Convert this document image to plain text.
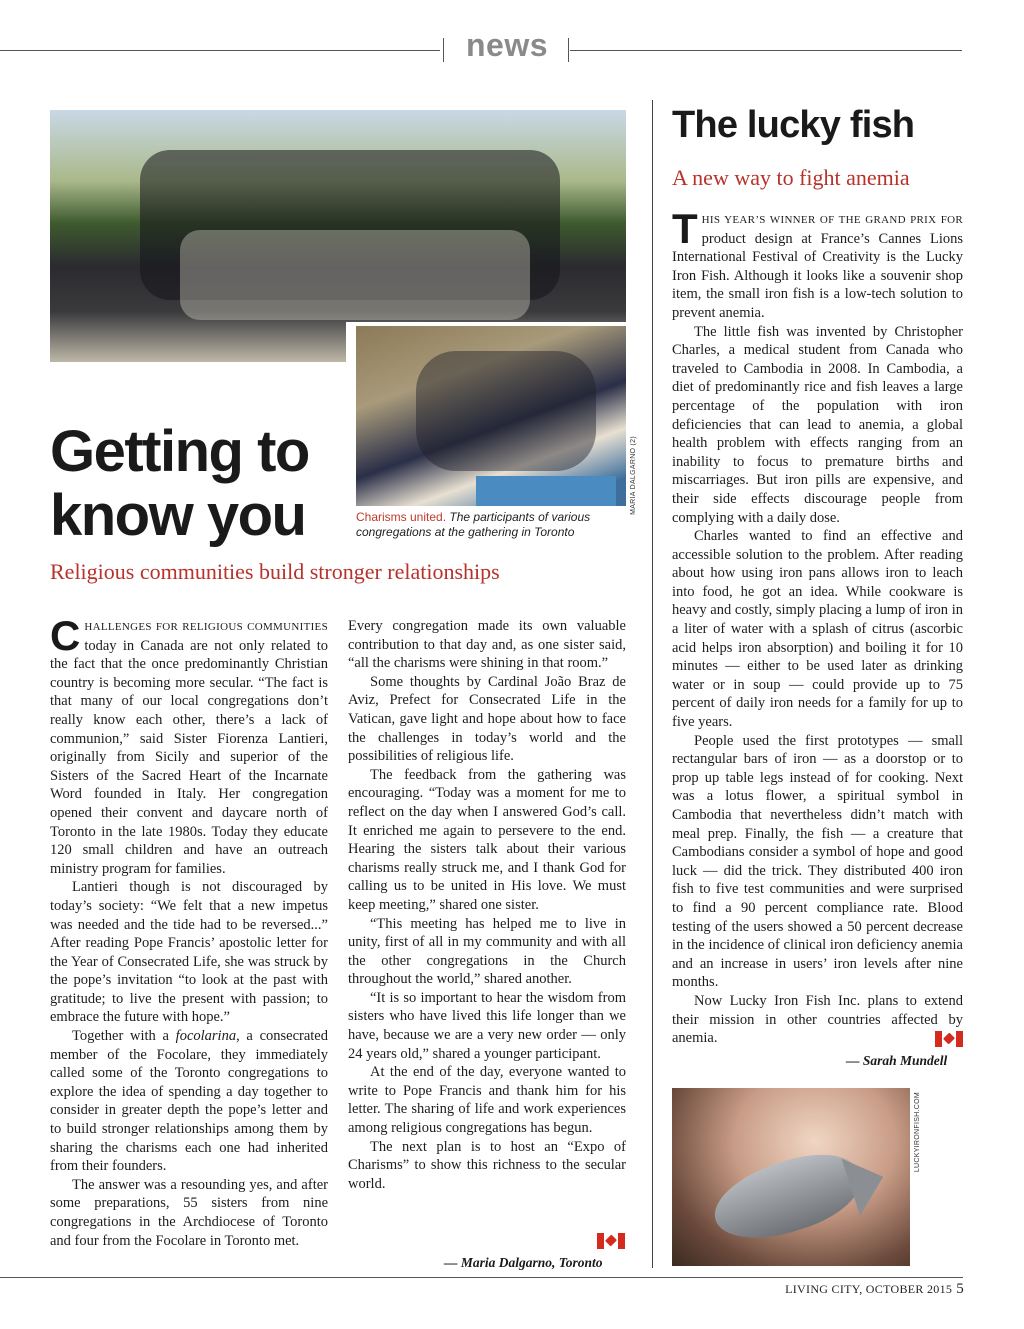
news
MARIA DALGARNO (2)
Charisms united. The participants of various congregations at the gathering in Toronto
Getting to know you
Religious communities build stronger relationships

CHALLENGES FOR RELIGIOUS COMMUNITIES today in Canada are not only related to the fact that the once predominantly Christian country is becoming more secular. “The fact is that many of our local congregations don’t really know each other, there’s a lack of communion,” said Sister Fiorenza Lantieri, originally from Sicily and superior of the Sisters of the Sacred Heart of the Incarnate Word founded in Italy. Her congregation opened their convent and daycare north of Toronto in the late 1980s. Today they educate 120 small children and have an outreach ministry program for families.

Lantieri though is not discouraged by today’s society: “We felt that a new impetus was needed and the tide had to be reversed...” After reading Pope Francis’ apostolic letter for the Year of Consecrated Life, she was struck by the pope’s invitation “to look at the past with gratitude; to live the present with passion; to embrace the future with hope.”

Together with a focolarina, a consecrated member of the Focolare, they immediately called some of the Toronto congregations to explore the idea of spending a day together to consider in greater depth the pope’s letter and to build stronger relationships among them by sharing the charisms each one had inherited from their founders.

The answer was a resounding yes, and after some preparations, 55 sisters from nine congregations in the Archdiocese of Toronto and four from the Focolare in Toronto met.

Every congregation made its own valuable contribution to that day and, as one sister said, “all the charisms were shining in that room.”

Some thoughts by Cardinal João Braz de Aviz, Prefect for Consecrated Life in the Vatican, gave light and hope about how to face the challenges in today’s world and the possibilities of religious life.

The feedback from the gathering was encouraging. “Today was a moment for me to reflect on the day when I answered God’s call. It enriched me again to persevere to the end. Hearing the sisters talk about their various charisms really struck me, and I thank God for calling us to be united in His love. We must keep meeting,” shared one sister.

“This meeting has helped me to live in unity, first of all in my community and with all the other congregations in the Church throughout the world,” shared another.

“It is so important to hear the wisdom from sisters who have lived this life longer than we have, because we are a very new order — only 24 years old,” shared a younger participant.

At the end of the day, everyone wanted to write to Pope Francis and thank him for his letter. The sharing of life and work experiences among religious congregations has begun.

The next plan is to host an “Expo of Charisms” to show this richness to the secular world.

— Maria Dalgarno, Toronto
The lucky fish
A new way to fight anemia

THIS YEAR’S WINNER OF THE GRAND PRIX FOR product design at France’s Cannes Lions International Festival of Creativity is the Lucky Iron Fish. Although it looks like a souvenir shop item, the small iron fish is a low-tech solution to prevent anemia.

The little fish was invented by Christopher Charles, a medical student from Canada who traveled to Cambodia in 2008. In Cambodia, a diet of predominantly rice and fish leaves a large percentage of the population with iron deficiencies that can lead to anemia, a global health problem with effects ranging from an inability to focus to premature births and miscarriages. But iron pills are expensive, and their side effects discourage people from complying with a daily dose.

Charles wanted to find an effective and accessible solution to the problem. After reading about how using iron pans allows iron to leach into food, he got an idea. While cookware is heavy and costly, simply placing a lump of iron in a liter of water with a splash of citrus (ascorbic acid helps iron absorption) and boiling it for 10 minutes — either to be used later as drinking water or in soup — could provide up to 75 percent of daily iron needs for a family for up to five years.

People used the first prototypes — small rectangular bars of iron — as a doorstop or to prop up table legs instead of for cooking. Next was a lotus flower, a spiritual symbol in Cambodia that nevertheless didn’t match with meal prep. Finally, the fish — a creature that Cambodians consider a symbol of hope and good luck — did the trick. They distributed 400 iron fish to five test communities and were surprised to find a 90 percent compliance rate. Blood testing of the users showed a 50 percent decrease in the incidence of clinical iron deficiency anemia and an increase in users’ iron levels after nine months.

Now Lucky Iron Fish Inc. plans to extend their mission in other countries affected by anemia.

— Sarah Mundell
LUCKYIRONFISH.COM
LIVING CITY, OCTOBER 2015 5
